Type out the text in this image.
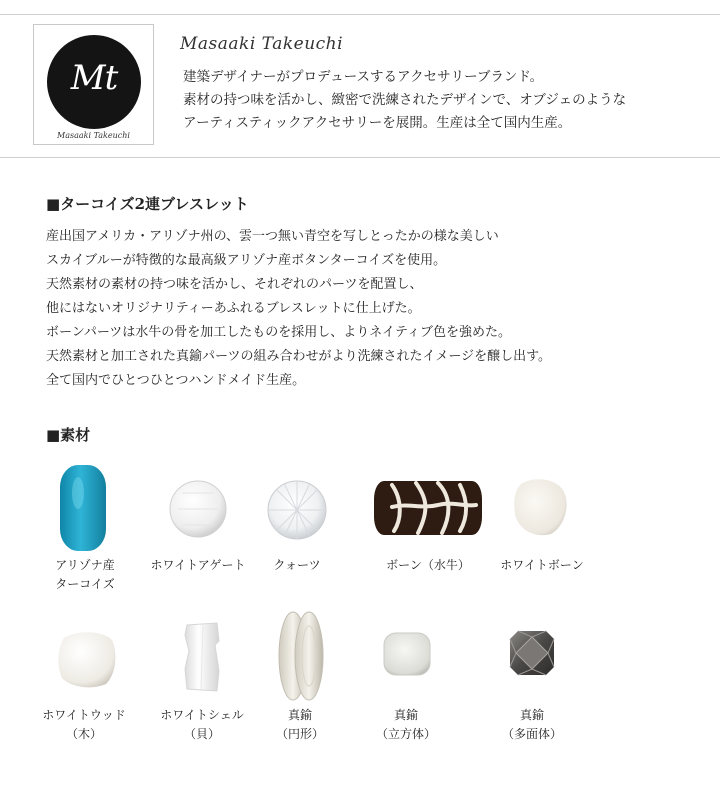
Mt
Masaaki Takeuchi
Masaaki Takeuchi
建築デザイナーがプロデュースするアクセサリーブランド。
素材の持つ味を活かし、緻密で洗練されたデザインで、オブジェのような
アーティスティックアクセサリーを展開。生産は全て国内生産。
■ターコイズ2連ブレスレット
産出国アメリカ・アリゾナ州の、雲一つ無い青空を写しとったかの様な美しい
スカイブルーが特徴的な最高級アリゾナ産ボタンターコイズを使用。
天然素材の素材の持つ味を活かし、それぞれのパーツを配置し、
他にはないオリジナリティーあふれるブレスレットに仕上げた。
ボーンパーツは水牛の骨を加工したものを採用し、よりネイティブ色を強めた。
天然素材と加工された真鍮パーツの組み合わせがより洗練されたイメージを醸し出す。
全て国内でひとつひとつハンドメイド生産。
■素材
アリゾナ産
ターコイズ
ホワイトアゲート	クォーツ	ボーン（水牛）	ホワイトボーン
ホワイトウッド
（木）
ホワイトシェル
（貝）
真鍮
（円形）
真鍮
（立方体）
真鍮
（多面体）
